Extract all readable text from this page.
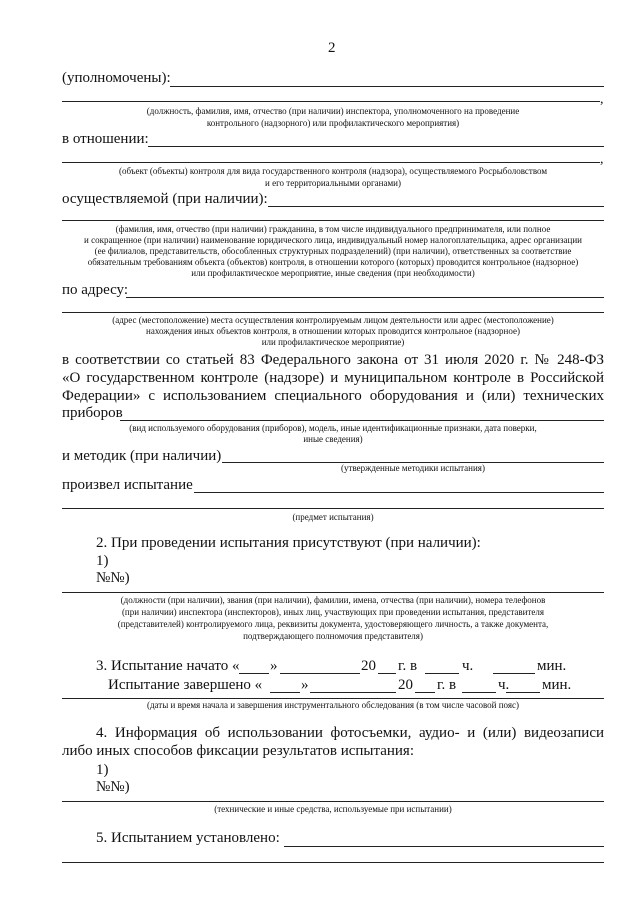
2
(уполномочены):
,
(должность, фамилия, имя, отчество (при наличии) инспектора, уполномоченного на проведение
контрольного (надзорного) или профилактического мероприятия)
в отношении:
,
(объект (объекты) контроля для вида государственного контроля (надзора), осуществляемого Росрыболовством
и его территориальными органами)
осуществляемой (при наличии):
(фамилия, имя, отчество (при наличии) гражданина, в том числе индивидуального предпринимателя, или полное
и сокращенное (при наличии) наименование юридического лица, индивидуальный номер налогоплательщика, адрес организации
(ее филиалов, представительств, обособленных структурных подразделений) (при наличии), ответственных за соответствие
обязательным требованиям объекта (объектов) контроля, в отношении которого (которых) проводится контрольное (надзорное)
или профилактическое мероприятие, иные сведения (при необходимости)
по адресу:
(адрес (местоположение) места осуществления контролируемым лицом деятельности или адрес (местоположение)
нахождения иных объектов контроля, в отношении которых проводится контрольное (надзорное)
или профилактическое мероприятие)
в соответствии со статьей 83 Федерального закона от 31 июля 2020 г. № 248-ФЗ
«О государственном контроле (надзоре) и муниципальном контроле в Российской
Федерации» с использованием специального оборудования и (или) технических
приборов
(вид используемого оборудования (приборов), модель, иные идентификационные признаки, дата поверки,
иные сведения)
и методик (при наличии)
(утвержденные методики испытания)
произвел испытание
(предмет испытания)
2. При проведении испытания присутствуют (при наличии):
1)
№№)
(должности (при наличии), звания (при наличии), фамилии, имена, отчества (при наличии), номера телефонов
(при наличии) инспектора (инспекторов), иных лиц, участвующих при проведении испытания, представителя
(представителей) контролируемого лица, реквизиты документа, удостоверяющего личность, а также документа,
подтверждающего полномочия представителя)
3. Испытание начато « »	20 г. в	ч.	мин.
Испытание завершено «	»	20 г. в	ч. мин.
(даты и время начала и завершения инструментального обследования (в том числе часовой пояс)
4. Информация об использовании фотосъемки, аудио- и (или) видеозаписи
либо иных способов фиксации результатов испытания:
1)
№№)
(технические и иные средства, используемые при испытании)
5. Испытанием установлено:
